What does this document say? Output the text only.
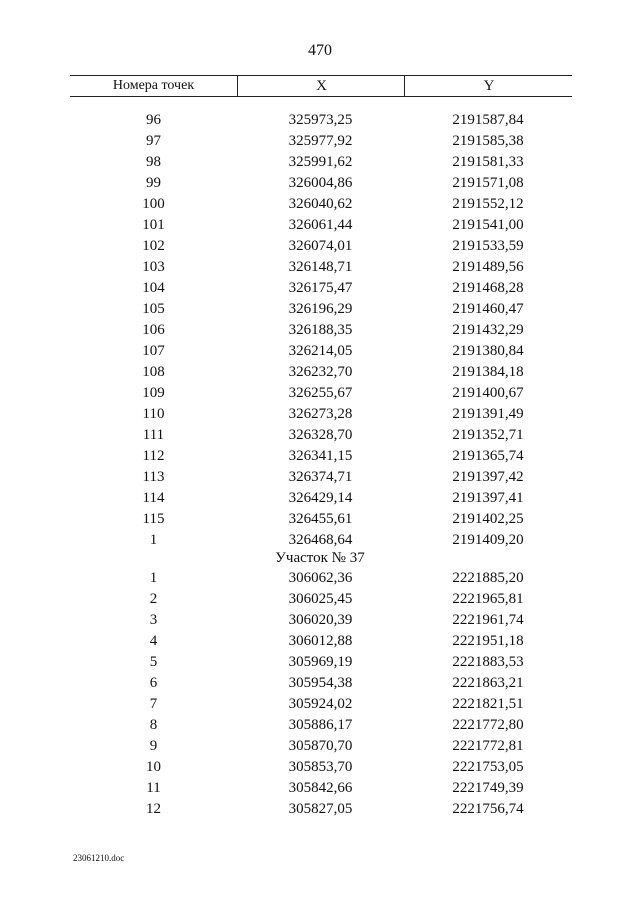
470
Номера точек	X	Y
96	325973,25	2191587,84
97	325977,92	2191585,38
98	325991,62	2191581,33
99	326004,86	2191571,08
100	326040,62	2191552,12
101	326061,44	2191541,00
102	326074,01	2191533,59
103	326148,71	2191489,56
104	326175,47	2191468,28
105	326196,29	2191460,47
106	326188,35	2191432,29
107	326214,05	2191380,84
108	326232,70	2191384,18
109	326255,67	2191400,67
110	326273,28	2191391,49
111	326328,70	2191352,71
112	326341,15	2191365,74
113	326374,71	2191397,42
114	326429,14	2191397,41
115	326455,61	2191402,25
1	326468,64	2191409,20
Участок № 37
1	306062,36	2221885,20
2	306025,45	2221965,81
3	306020,39	2221961,74
4	306012,88	2221951,18
5	305969,19	2221883,53
6	305954,38	2221863,21
7	305924,02	2221821,51
8	305886,17	2221772,80
9	305870,70	2221772,81
10	305853,70	2221753,05
11	305842,66	2221749,39
12	305827,05	2221756,74
23061210.doc
